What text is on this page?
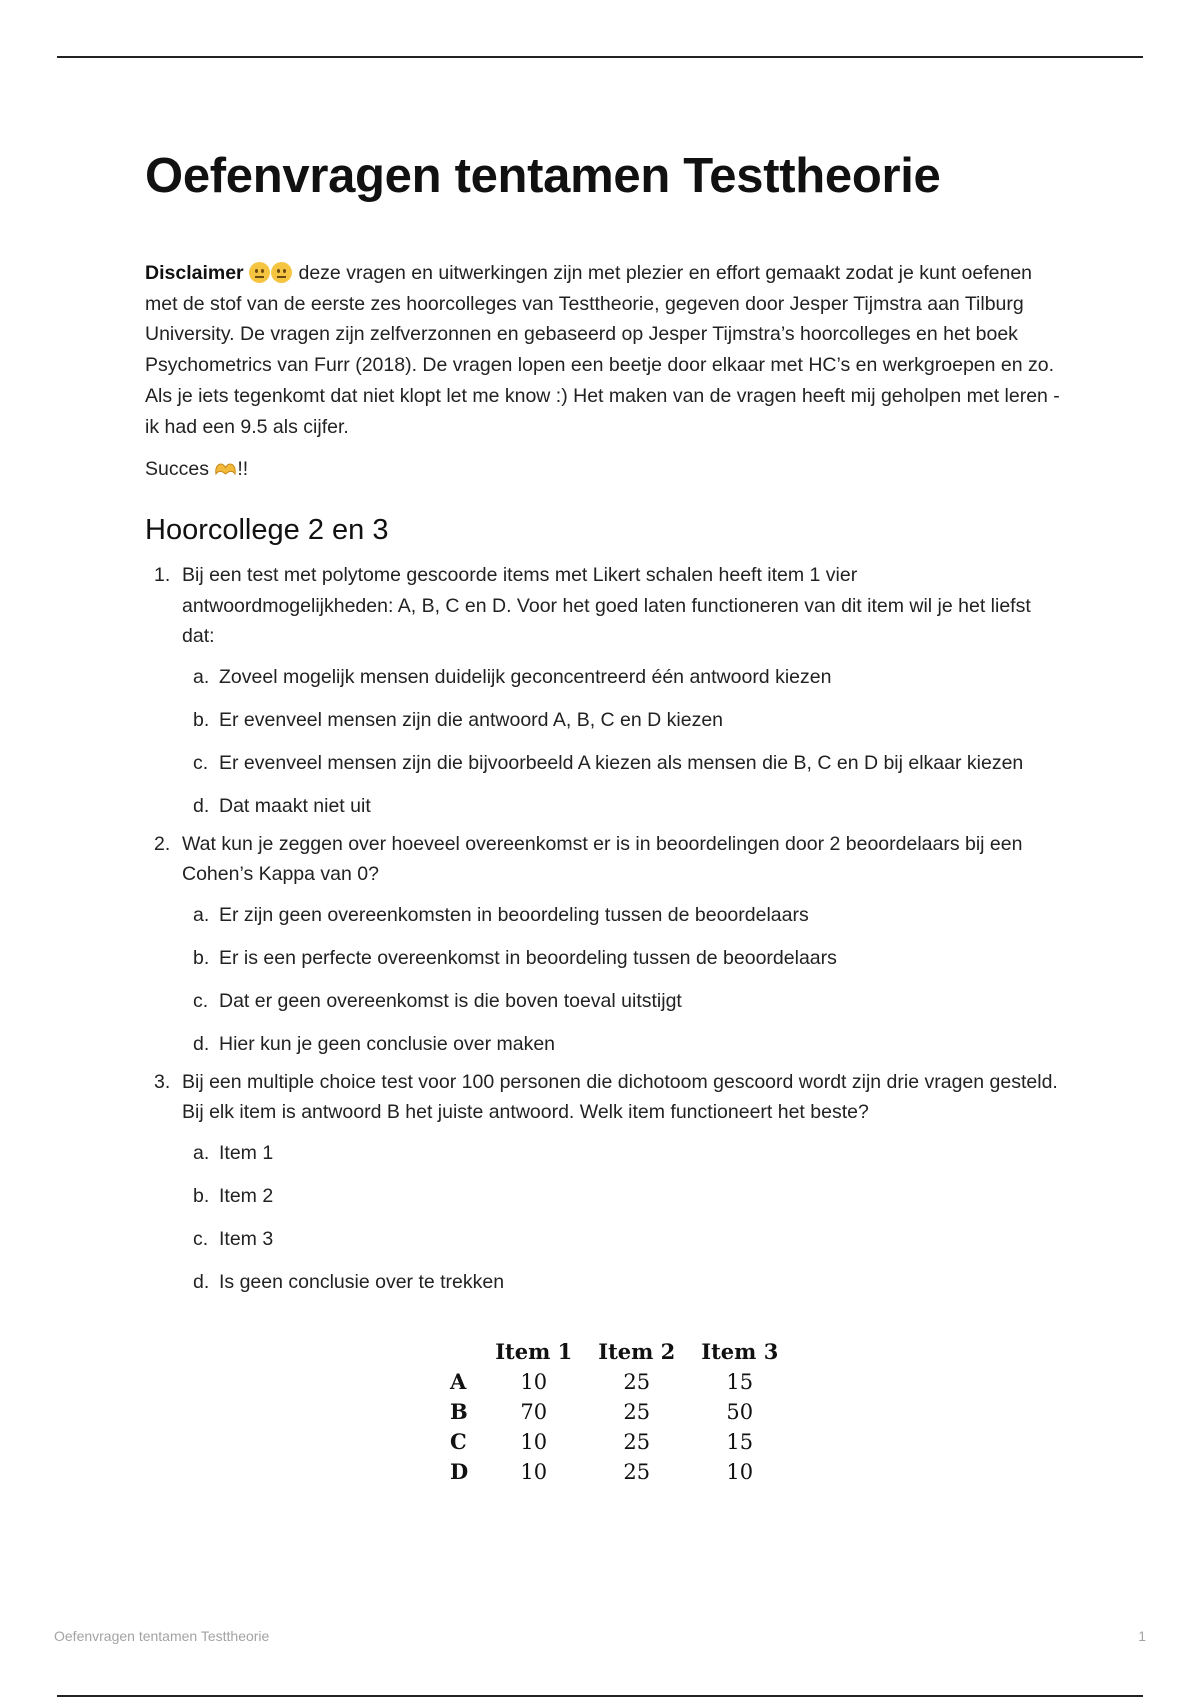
Oefenvragen tentamen Testtheorie

Disclaimer	deze vragen en uitwerkingen zijn met plezier en effort gemaakt zodat je kunt oefenen met de stof van de eerste zes hoorcolleges van Testtheorie, gegeven door Jesper Tijmstra aan Tilburg University. De vragen zijn zelfverzonnen en gebaseerd op Jesper Tijmstra’s hoorcolleges en het boek Psychometrics van Furr (2018). De vragen lopen een beetje door elkaar met HC’s en werkgroepen en zo. Als je iets tegenkomt dat niet klopt let me know :) Het maken van de vragen heeft mij geholpen met leren - ik had een 9.5 als cijfer.

Succes !!

Hoorcollege 2 en 3
1. Bij een test met polytome gescoorde items met Likert schalen heeft item 1 vier antwoordmogelijkheden: A, B, C en D. Voor het goed laten functioneren van dit item wil je het liefst dat:
a. Zoveel mogelijk mensen duidelijk geconcentreerd één antwoord kiezen
b. Er evenveel mensen zijn die antwoord A, B, C en D kiezen
c. Er evenveel mensen zijn die bijvoorbeeld A kiezen als mensen die B, C en D bij elkaar kiezen
d. Dat maakt niet uit
2. Wat kun je zeggen over hoeveel overeenkomst er is in beoordelingen door 2 beoordelaars bij een Cohen’s Kappa van 0?
a. Er zijn geen overeenkomsten in beoordeling tussen de beoordelaars
b. Er is een perfecte overeenkomst in beoordeling tussen de beoordelaars
c. Dat er geen overeenkomst is die boven toeval uitstijgt
d. Hier kun je geen conclusie over maken
3. Bij een multiple choice test voor 100 personen die dichotoom gescoord wordt zijn drie vragen gesteld. Bij elk item is antwoord B het juiste antwoord. Welk item functioneert het beste?
a. Item 1
b. Item 2
c. Item 3
d. Is geen conclusie over te trekken
	Item 1	Item 2	Item 3
A	10	25	15
B	70	25	50
C	10	25	15
D	10	25	10
Oefenvragen tentamen Testtheorie	1
